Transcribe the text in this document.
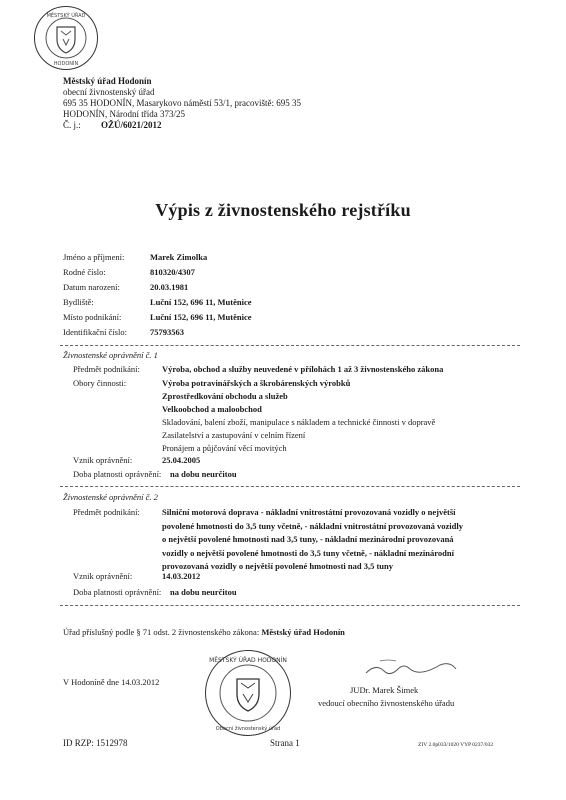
MĚSTSKÝ ÚŘAD
HODONÍN
Městský úřad Hodonín
obecní živnostenský úřad
695 35 HODONÍN, Masarykovo náměstí 53/1, pracoviště: 695 35
HODONÍN, Národní třída 373/25
Č. j.: OŽÚ/6021/2012
Výpis z živnostenského rejstříku
Jméno a příjmení:	Marek Zimolka
Rodné číslo:	810320/4307
Datum narození:	20.03.1981
Bydliště:	Luční 152, 696 11, Mutěnice
Místo podnikání:	Luční 152, 696 11, Mutěnice
Identifikační číslo:	75793563
Živnostenské oprávnění č. 1
Předmět podnikání:	Výroba, obchod a služby neuvedené v přílohách 1 až 3 živnostenského zákona
Obory činnosti:	Výroba potravinářských a škrobárenských výrobků
Zprostředkování obchodu a služeb
Velkoobchod a maloobchod
Skladování, balení zboží, manipulace s nákladem a technické činnosti v dopravě
Zasilatelství a zastupování v celním řízení
Pronájem a půjčování věcí movitých
Vznik oprávnění:	25.04.2005
Doba platnosti oprávnění: na dobu neurčitou
Živnostenské oprávnění č. 2
Předmět podnikání:	Silniční motorová doprava - nákladní vnitrostátní provozovaná vozidly o největší
povolené hmotnosti do 3,5 tuny včetně, - nákladní vnitrostátní provozovaná vozidly
o největší povolené hmotnosti nad 3,5 tuny, - nákladní mezinárodní provozovaná
vozidly o největší povolené hmotnosti do 3,5 tuny včetně, - nákladní mezinárodní
provozovaná vozidly o největší povolené hmotnosti nad 3,5 tuny
Vznik oprávnění:	14.03.2012
Doba platnosti oprávnění: na dobu neurčitou
Úřad příslušný podle § 71 odst. 2 živnostenského zákona: Městský úřad Hodonín
V Hodoníně dne 14.03.2012
MĚSTSKÝ ÚŘAD HODONÍN
Obecní živnostenský úřad
JUDr. Marek Šimek
vedoucí obecního živnostenského úřadu
ID RZP: 1512978	Strana 1	ZIV 2.0p033/1020 VYP 0237/032
